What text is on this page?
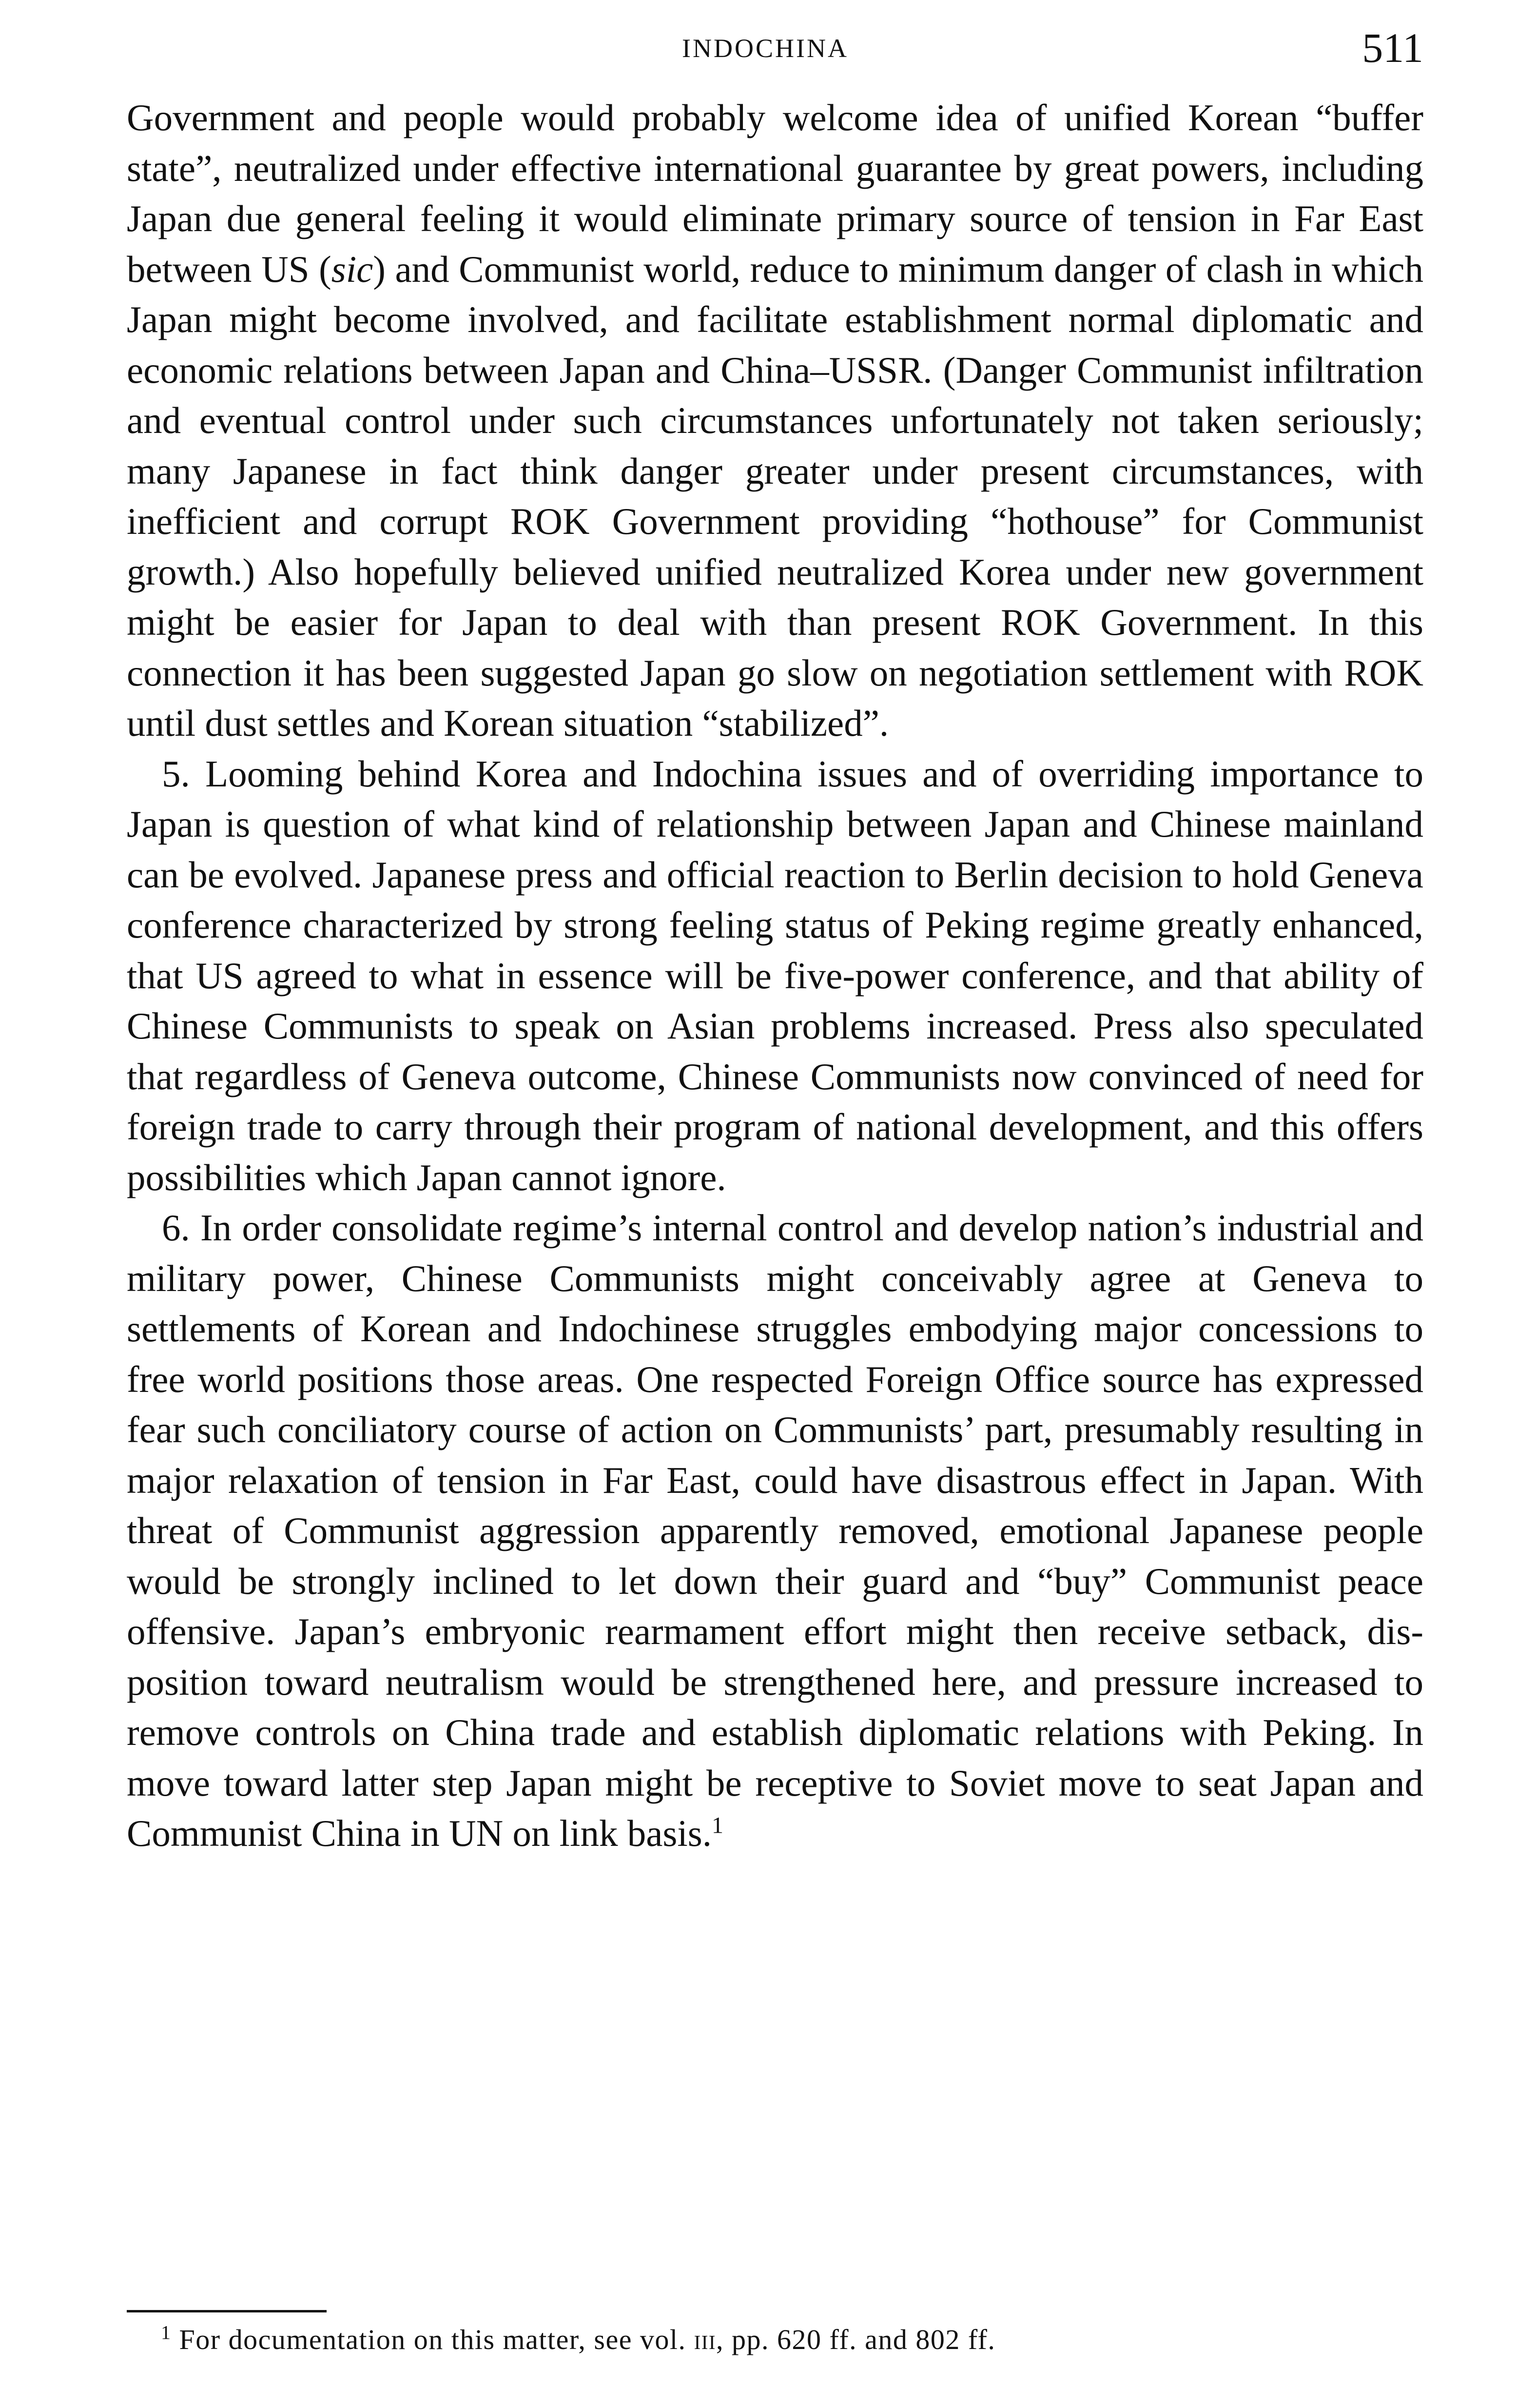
INDOCHINA	511

Government and people would probably welcome idea of unified Korean “buffer state”, neutralized under effective international guarantee by great powers, including Japan due general feeling it would eliminate primary source of tension in Far East between US (sic) and Communist world, reduce to minimum danger of clash in which Japan might become involved, and facilitate establishment normal diplomatic and economic relations between Japan and China–USSR. (Danger Communist infiltration and eventual control under such circumstances unfortunately not taken seriously; many Japanese in fact think danger greater under present circumstances, with inefficient and corrupt ROK Government providing “hothouse” for Communist growth.) Also hopefully believed unified neutralized Korea under new government might be easier for Japan to deal with than present ROK Government. In this connection it has been suggested Japan go slow on negotiation settlement with ROK until dust settles and Korean situation “stabilized”.

5. Looming behind Korea and Indochina issues and of overriding importance to Japan is question of what kind of relationship between Japan and Chinese mainland can be evolved. Japanese press and official reaction to Berlin decision to hold Geneva conference characterized by strong feeling status of Peking regime greatly enhanced, that US agreed to what in essence will be five-power conference, and that ability of Chinese Communists to speak on Asian problems increased. Press also speculated that regardless of Geneva outcome, Chinese Communists now convinced of need for foreign trade to carry through their program of national development, and this offers possibilities which Japan cannot ignore.

6. In order consolidate regime’s internal control and develop nation’s industrial and military power, Chinese Communists might conceivably agree at Geneva to settlements of Korean and Indochinese struggles embodying major concessions to free world positions those areas. One respected Foreign Office source has expressed fear such conciliatory course of action on Communists’ part, presumably resulting in major relaxation of tension in Far East, could have disastrous effect in Japan. With threat of Communist aggression apparently removed, emotional Japanese people would be strongly inclined to let down their guard and “buy” Communist peace offensive. Japan’s embryonic rearmament effort might then receive setback, disposition toward neutralism would be strengthened here, and pressure increased to remove controls on China trade and establish diplomatic relations with Peking. In move toward latter step Japan might be receptive to Soviet move to seat Japan and Communist China in UN on link basis.$^1$

$^1$ For documentation on this matter, see vol. iii, pp. 620 ff. and 802 ff.
